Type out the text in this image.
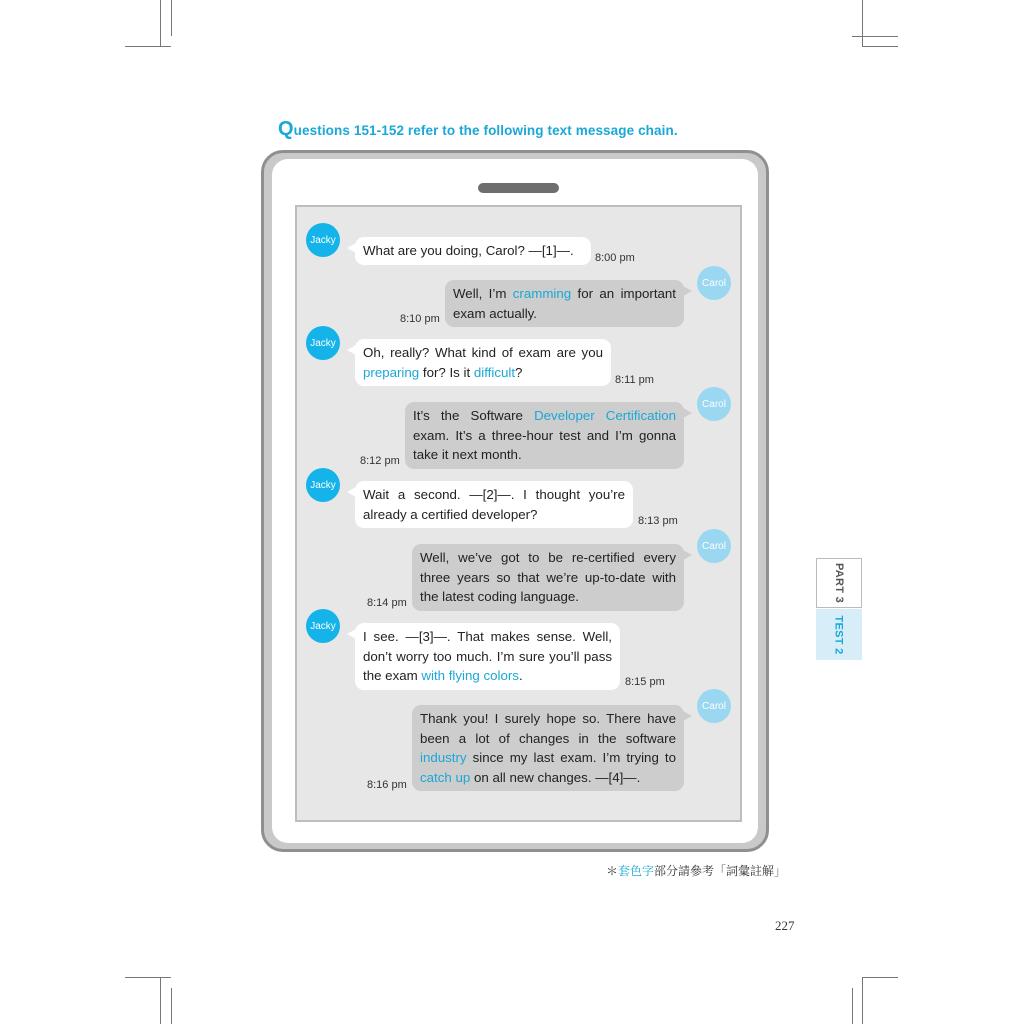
Questions 151-152 refer to the following text message chain.
Jacky
What are you doing, Carol? —[1]—.	8:00 pm
Carol
Well, I’m cramming for an important exam actually.
8:10 pm
Jacky
Oh, really? What kind of exam are you preparing for? Is it difficult?
8:11 pm
Carol
It’s the Software Developer Certification exam. It’s a three-hour test and I’m gonna take it next month.
8:12 pm
Jacky
Wait a second. —[2]—. I thought you’re already a certified developer?	8:13 pm
Carol
Well, we’ve got to be re-certified every three years so that we’re up-to-date with the latest coding language.
8:14 pm
Jacky
I see. —[3]—. That makes sense. Well, don’t worry too much. I’m sure you’ll pass the exam with flying colors.	8:15 pm
Carol
Thank you! I surely hope so. There have been a lot of changes in the software industry since my last exam. I’m trying to catch up on all new changes. —[4]—.
8:16 pm
PART 3
TEST 2
＊套色字部分請參考「詞彙註解」
227
